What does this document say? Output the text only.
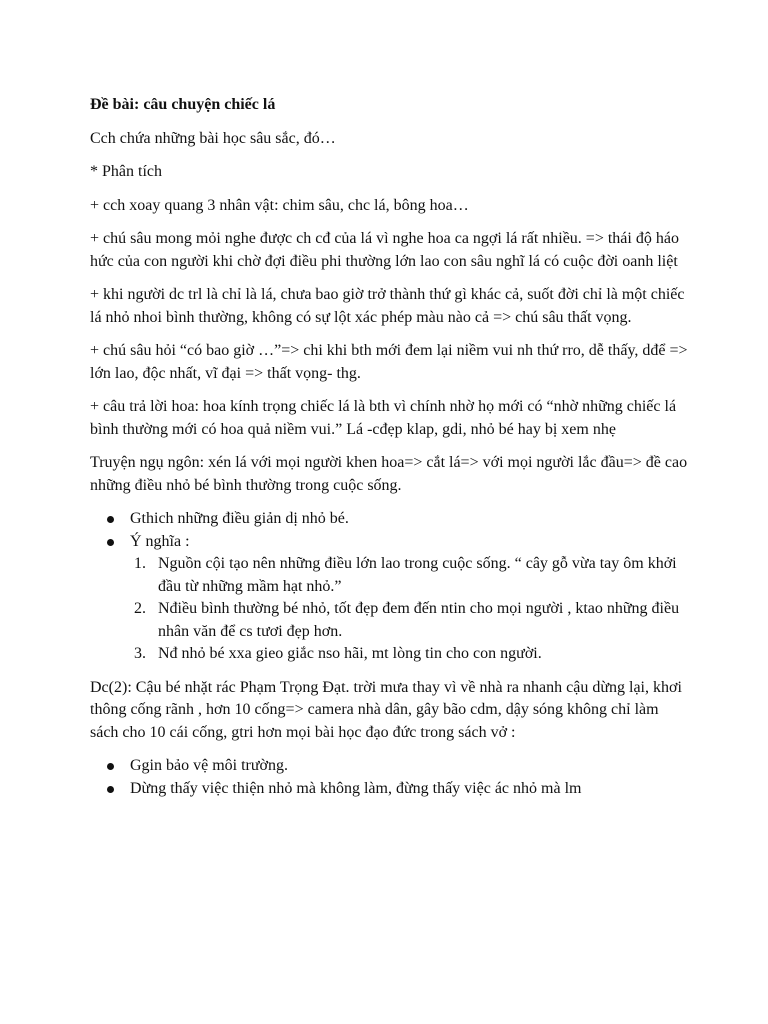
Đề bài: câu chuyện chiếc lá

Cch chứa những bài học sâu sắc, đó…

* Phân tích

+ cch xoay quang 3 nhân vật: chim sâu, chc lá, bông hoa…

+ chú sâu mong mỏi nghe được ch cđ của lá vì nghe hoa ca ngợi lá rất nhiều. => thái độ háo hức của con người khi chờ đợi điều phi thường lớn lao con sâu nghĩ lá có cuộc đời oanh liệt

+ khi người dc trl là chỉ là lá, chưa bao giờ trở thành thứ gì khác cả, suốt đời chỉ là một chiếc lá nhỏ nhoi bình thường, không có sự lột xác phép màu nào cả => chú sâu thất vọng.

+ chú sâu hỏi “có bao giờ …”=> chi khi bth mới đem lại niềm vui nh thứ rro, dễ thấy, dđể => lớn lao, độc nhất, vĩ đại => thất vọng- thg.

+ câu trả lời hoa: hoa kính trọng chiếc lá là bth vì chính nhờ họ mới có “nhờ những chiếc lá bình thường mới có hoa quả niềm vui.” Lá -cđẹp klap, gdi, nhỏ bé hay bị xem nhẹ

Truyện ngụ ngôn: xén lá với mọi người khen hoa=> cắt lá=> với mọi người lắc đầu=> đề cao những điều nhỏ bé bình thường trong cuộc sống.

Gthich những điều giản dị nhỏ bé.
Ý nghĩa :
1. Nguồn cội tạo nên những điều lớn lao trong cuộc sống. “ cây gỗ vừa tay ôm khởi đầu từ những mầm hạt nhỏ.”
2. Nđiều bình thường bé nhỏ, tốt đẹp đem đến ntin cho mọi người , ktao những điều nhân văn để cs tươi đẹp hơn.
3. Nđ nhỏ bé xxa gieo giắc nso hãi, mt lòng tin cho con người.

Dc(2): Cậu bé nhặt rác Phạm Trọng Đạt. trời mưa thay vì về nhà ra nhanh cậu dừng lại, khơi thông cống rãnh , hơn 10 cống=> camera nhà dân, gây bão cdm, dậy sóng không chỉ làm sách cho 10 cái cống, gtri hơn mọi bài học đạo đức trong sách vở :

Ggin bảo vệ môi trường.
Dừng thấy việc thiện nhỏ mà không làm, đừng thấy việc ác nhỏ mà lm
